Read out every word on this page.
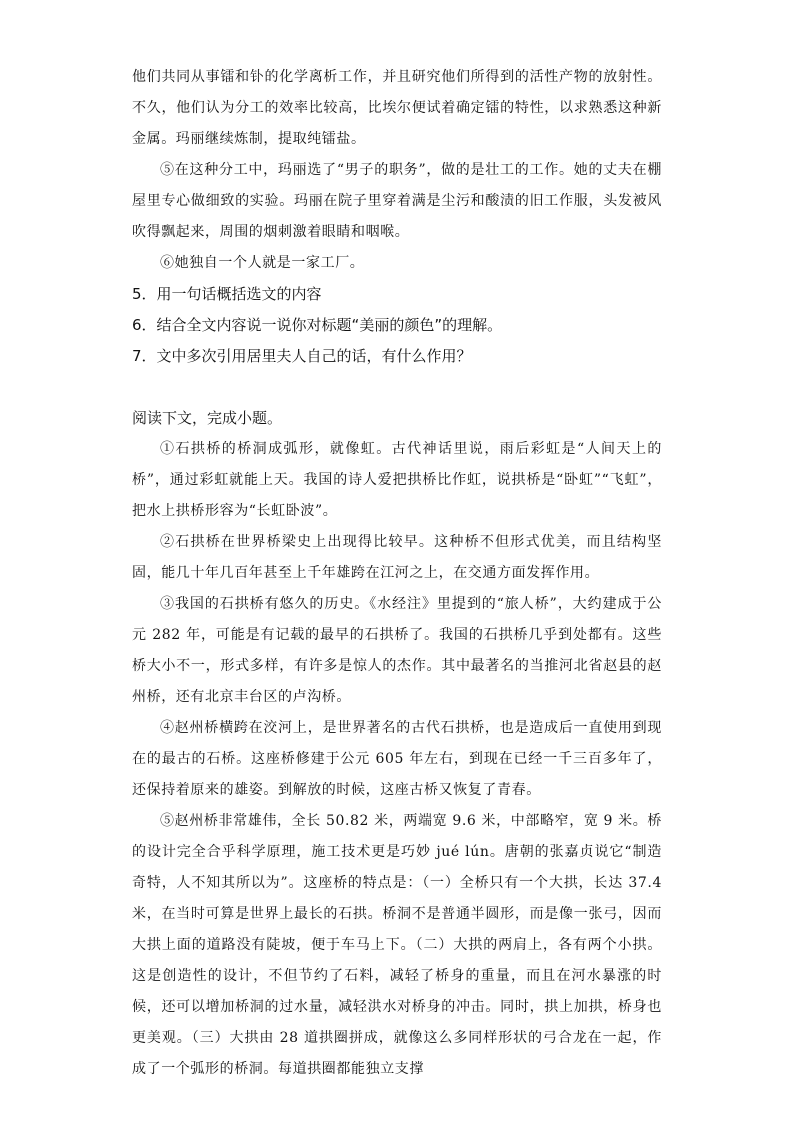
他们共同从事镭和钋的化学离析工作，并且研究他们所得到的活性产物的放射性。不久，他们认为分工的效率比较高，比埃尔便试着确定镭的特性，以求熟悉这种新金属。玛丽继续炼制，提取纯镭盐。

⑤在这种分工中，玛丽选了“男子的职务”，做的是壮工的工作。她的丈夫在棚屋里专心做细致的实验。玛丽在院子里穿着满是尘污和酸渍的旧工作服，头发被风吹得飘起来，周围的烟刺激着眼睛和咽喉。

⑥她独自一个人就是一家工厂。

5．用一句话概括选文的内容

6．结合全文内容说一说你对标题“美丽的颜色”的理解。

7．文中多次引用居里夫人自己的话，有什么作用？

阅读下文，完成小题。

①石拱桥的桥洞成弧形，就像虹。古代神话里说，雨后彩虹是“人间天上的桥”，通过彩虹就能上天。我国的诗人爱把拱桥比作虹，说拱桥是“卧虹”“飞虹”，把水上拱桥形容为“长虹卧波”。

②石拱桥在世界桥梁史上出现得比较早。这种桥不但形式优美，而且结构坚固，能几十年几百年甚至上千年雄跨在江河之上，在交通方面发挥作用。

③我国的石拱桥有悠久的历史。《水经注》里提到的“旅人桥”，大约建成于公元 282 年，可能是有记载的最早的石拱桥了。我国的石拱桥几乎到处都有。这些桥大小不一，形式多样，有许多是惊人的杰作。其中最著名的当推河北省赵县的赵州桥，还有北京丰台区的卢沟桥。

④赵州桥横跨在洨河上，是世界著名的古代石拱桥，也是造成后一直使用到现在的最古的石桥。这座桥修建于公元 605 年左右，到现在已经一千三百多年了，还保持着原来的雄姿。到解放的时候，这座古桥又恢复了青春。

⑤赵州桥非常雄伟，全长 50.82 米，两端宽 9.6 米，中部略窄，宽 9 米。桥的设计完全合乎科学原理，施工技术更是巧妙 jué lún。唐朝的张嘉贞说它“制造奇特，人不知其所以为”。这座桥的特点是：（一）全桥只有一个大拱，长达 37.4 米，在当时可算是世界上最长的石拱。桥洞不是普通半圆形，而是像一张弓，因而大拱上面的道路没有陡坡，便于车马上下。（二）大拱的两肩上，各有两个小拱。这是创造性的设计，不但节约了石料，减轻了桥身的重量，而且在河水暴涨的时候，还可以增加桥洞的过水量，减轻洪水对桥身的冲击。同时，拱上加拱，桥身也更美观。（三）大拱由 28 道拱圈拼成，就像这么多同样形状的弓合龙在一起，作成了一个弧形的桥洞。每道拱圈都能独立支撑
